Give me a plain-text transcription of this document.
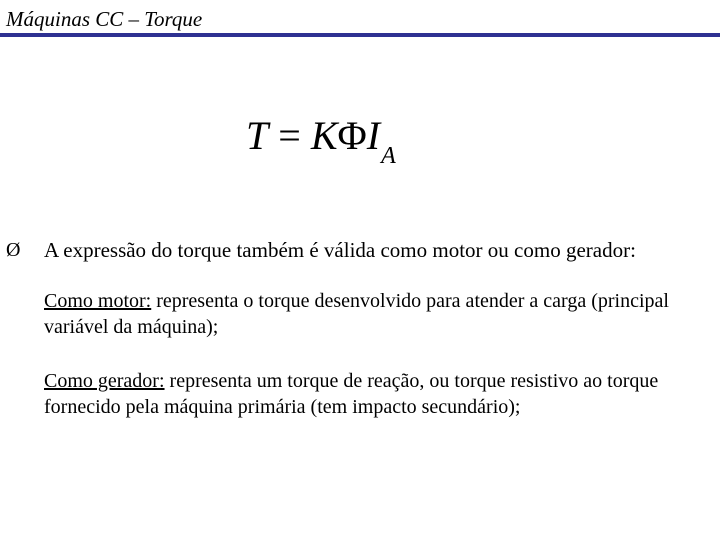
Máquinas CC – Torque
$T = K\Phi I_A$
Ø A expressão do torque também é válida como motor ou como gerador:
Como motor: representa o torque desenvolvido para atender a carga (principal variável da máquina);
Como gerador: representa um torque de reação, ou torque resistivo ao torque fornecido pela máquina primária (tem impacto secundário);
